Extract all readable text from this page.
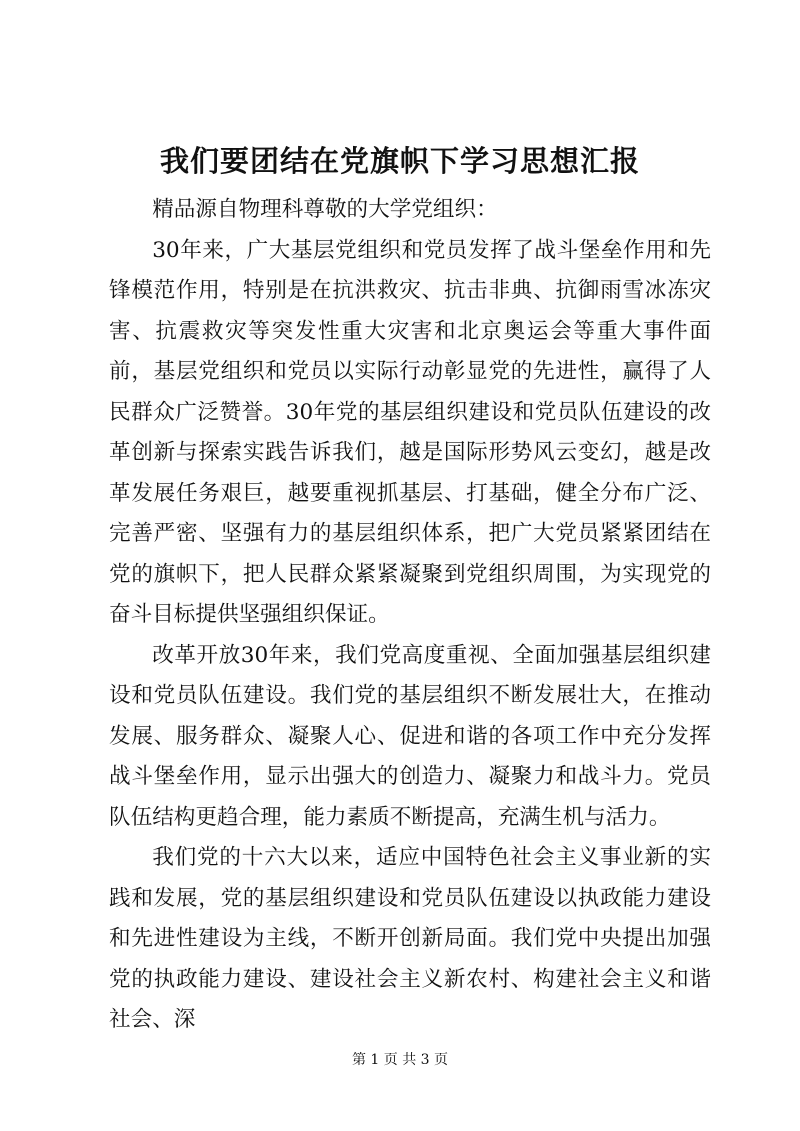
我们要团结在党旗帜下学习思想汇报

精品源自物理科尊敬的大学党组织：

30年来，广大基层党组织和党员发挥了战斗堡垒作用和先锋模范作用，特别是在抗洪救灾、抗击非典、抗御雨雪冰冻灾害、抗震救灾等突发性重大灾害和北京奥运会等重大事件面前，基层党组织和党员以实际行动彰显党的先进性，赢得了人民群众广泛赞誉。30年党的基层组织建设和党员队伍建设的改革创新与探索实践告诉我们，越是国际形势风云变幻，越是改革发展任务艰巨，越要重视抓基层、打基础，健全分布广泛、完善严密、坚强有力的基层组织体系，把广大党员紧紧团结在党的旗帜下，把人民群众紧紧凝聚到党组织周围，为实现党的奋斗目标提供坚强组织保证。

改革开放30年来，我们党高度重视、全面加强基层组织建设和党员队伍建设。我们党的基层组织不断发展壮大，在推动发展、服务群众、凝聚人心、促进和谐的各项工作中充分发挥战斗堡垒作用，显示出强大的创造力、凝聚力和战斗力。党员队伍结构更趋合理，能力素质不断提高，充满生机与活力。

我们党的十六大以来，适应中国特色社会主义事业新的实践和发展，党的基层组织建设和党员队伍建设以执政能力建设和先进性建设为主线，不断开创新局面。我们党中央提出加强党的执政能力建设、建设社会主义新农村、构建社会主义和谐社会、深

第 1 页 共 3 页
